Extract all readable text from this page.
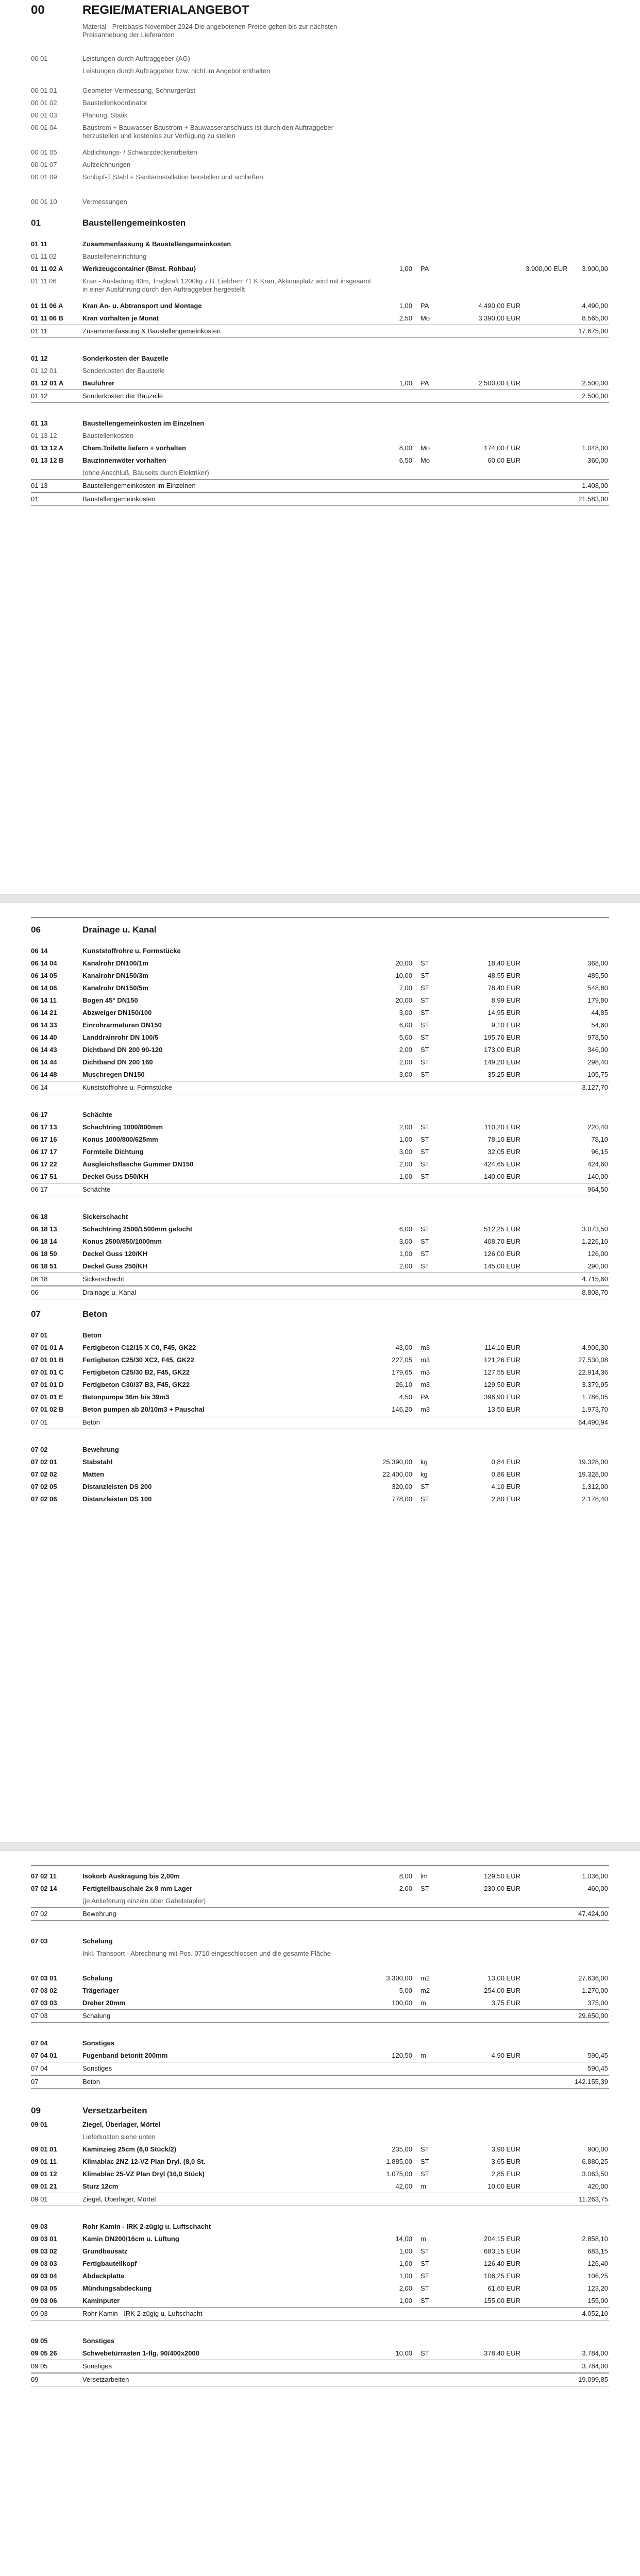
00	REGIE/MATERIALANGEBOT
Material - Preisbasis November 2024 Die angebotenen Preise gelten bis zur nächsten Preisanhebung der Lieferanten
00 01	Leistungen durch Auftraggeber (AG)
Leistungen durch Auftraggeber bzw. nicht im Angebot enthalten
00 01 01	Geometer-Vermessung, Schnurgerüst
00 01 02	Baustellenkoordinator
00 01 03	Planung, Statik
00 01 04	Baustrom + Bauwasser Baustrom + Bauwasseranschluss ist durch den Auftraggeber herzustellen und kostenlos zur Verfügung zu stellen
00 01 05	Abdichtungs- / Schwarzdeckerarbeiten
00 01 07	Aufzeichnungen
00 01 09	Schlüpf-T Stahl + Sanitärinstallation herstellen und schließen
00 01 10	Vermessungen
01	Baustellengemeinkosten
01 11	Zusammenfassung & Baustellengemeinkosten
01 11 02	Baustelleneinrichtung
01 11 02 A	Werkzeugcontainer (Bmst. Rohbau)	1,00 PA	3.900,00 EUR	3.900,00
01 11 06	Kran - Ausladung 40m, Tragkraft 1200kg z.B. Liebherr 71 K Kran, Aktionsplatz wird mit insgesamt in einer Ausführung durch den Auftraggeber hergestellt
01 11 06 A	Kran An- u. Abtransport und Montage	1,00 PA	4.490,00 EUR	4.490,00
01 11 06 B	Kran vorhalten je Monat	2,50 Mo	3.390,00 EUR	8.565,00
01 11	Zusammenfassung & Baustellengemeinkosten	17.675,00
01 12	Sonderkosten der Bauzeile
01 12 01	Sonderkosten der Baustelle
01 12 01 A	Bauführer	1,00 PA	2.500,00 EUR	2.500,00
01 12	Sonderkosten der Bauzeile	2.500,00
01 13	Baustellengemeinkosten im Einzelnen
01 13 12	Baustellenkosten
01 13 12 A	Chem.Toilette liefern + vorhalten	8,00 Mo	174,00 EUR	1.048,00
01 13 12 B	Bauzinnenwöter vorhalten	6,50 Mo	60,00 EUR	360,00
(ohne Anschluß, Bauseits durch Elektriker)
01 13	Baustellengemeinkosten im Einzelnen	1.408,00
01	Baustellengemeinkosten	21.583,00
06	Drainage u. Kanal
06 14	Kunststoffrohre u. Formstücke
06 14 04	Kanalrohr DN100/1m	20,00 ST	18,40 EUR	368,00
06 14 05	Kanalrohr DN150/3m	10,00 ST	48,55 EUR	485,50
06 14 06	Kanalrohr DN150/5m	7,00 ST	78,40 EUR	548,80
06 14 11	Bogen 45° DN150	20,00 ST	8,99 EUR	179,80
06 14 21	Abzweiger DN150/100	3,00 ST	14,95 EUR	44,85
06 14 33	Einrohrarmaturen DN150	6,00 ST	9,10 EUR	54,60
06 14 40	Landdrainrohr DN 100/5	5,00 ST	195,70 EUR	978,50
06 14 43	Dichtband DN 200 90-120	2,00 ST	173,00 EUR	346,00
06 14 44	Dichtband DN 200 160	2,00 ST	149,20 EUR	298,40
06 14 48	Muschregen DN150	3,00 ST	35,25 EUR	105,75
06 14	Kunststoffrohre u. Formstücke	3.127,70
06 17	Schächte
06 17 13	Schachtring 1000/800mm	2,00 ST	110,20 EUR	220,40
06 17 16	Konus 1000/800/625mm	1,00 ST	78,10 EUR	78,10
06 17 17	Formteile Dichtung	3,00 ST	32,05 EUR	96,15
06 17 22	Ausgleichsflasche Gummer DN150	2,00 ST	424,65 EUR	424,60
06 17 51	Deckel Guss D50/KH	1,00 ST	140,00 EUR	140,00
06 17	Schächte	964,50
06 18	Sickerschacht
06 18 13	Schachtring 2500/1500mm gelocht	6,00 ST	512,25 EUR	3.073,50
06 18 14	Konus 2500/850/1000mm	3,00 ST	408,70 EUR	1.226,10
06 18 50	Deckel Guss 120/KH	1,00 ST	126,00 EUR	126,00
06 18 51	Deckel Guss 250/KH	2,00 ST	145,00 EUR	290,00
06 18	Sickerschacht	4.715,60
06	Drainage u. Kanal	8.808,70
07	Beton
07 01	Beton
07 01 01 A	Fertigbeton C12/15 X C0, F45, GK22	43,00 m3	114,10 EUR	4.906,30
07 01 01 B	Fertigbeton C25/30 XC2, F45, GK22	227,05 m3	121,26 EUR	27.530,08
07 01 01 C	Fertigbeton C25/30 B2, F45, GK22	179,65 m3	127,55 EUR	22.914,36
07 01 01 D	Fertigbeton C30/37 B3, F45, GK22	26,10 m3	129,50 EUR	3.379,95
07 01 01 E	Betonpumpe 36m bis 39m3	4,50 PA	396,90 EUR	1.786,05
07 01 02 B	Beton pumpen ab 20/10m3 + Pauschal	146,20 m3	13,50 EUR	1.973,70
07 01	Beton	64.490,94
07 02	Bewehrung
07 02 01	Stabstahl	25.390,00 kg	0,84 EUR	19.328,00
07 02 02	Matten	22.400,00 kg	0,86 EUR	19.328,00
07 02 05	Distanzleisten DS 200	320,00 ST	4,10 EUR	1.312,00
07 02 06	Distanzleisten DS 100	778,00 ST	2,80 EUR	2.178,40
07 02 11	Isokorb Auskragung bis 2,00m	8,00 lm	129,50 EUR	1.036,00
07 02 14	Fertigteilbauschale 2x 8 mm Lager	2,00 ST	230,00 EUR	460,00
(je Anlieferung einzeln über Gabelstapler)
07 02	Bewehrung	47.424,00
07 03	Schalung
Inkl. Transport - Abrechnung mit Pos. 0710 eingeschlossen und die gesamte Fläche
07 03 01	Schalung	3.300,00 m2	13,00 EUR	27.636,00
07 03 02	Trägerlager	5,00 m2	254,00 EUR	1.270,00
07 03 03	Dreher 20mm	100,00 m	3,75 EUR	375,00
07 03	Schalung	29.650,00
07 04	Sonstiges
07 04 01	Fugenband betonit 200mm	120,50 m	4,90 EUR	590,45
07 04	Sonstiges	590,45
07	Beton	142.155,39
09	Versetzarbeiten
09 01	Ziegel, Überlager, Mörtel
Lieferkosten siehe unten
09 01 01	Kaminzieg 25cm (8,0 Stück/2)	235,00 ST	3,90 EUR	900,00
09 01 11	Klimablac 2NZ 12-VZ Plan Dryl. (8,0 St.	1.885,00 ST	3,65 EUR	6.880,25
09 01 12	Klimablac 25-VZ Plan Dryl (16,0 Stück)	1.075,00 ST	2,85 EUR	3.063,50
09 01 21	Sturz 12cm	42,00 m	10,00 EUR	420,00
09 01	Ziegel, Überlager, Mörtel	11.263,75
09 03	Rohr Kamin - IRK 2-zügig u. Luftschacht
09 03 01	Kamin DN200/16cm u. Lüftung	14,00 m	204,15 EUR	2.858,10
09 03 02	Grundbausatz	1,00 ST	683,15 EUR	683,15
09 03 03	Fertigbauteilkopf	1,00 ST	126,40 EUR	126,40
09 03 04	Abdeckplatte	1,00 ST	106,25 EUR	106,25
09 03 05	Mündungsabdeckung	2,00 ST	61,60 EUR	123,20
09 03 06	Kaminputer	1,00 ST	155,00 EUR	155,00
09 03	Rohr Kamin - IRK 2-zügig u. Luftschacht	4.052,10
09 05	Sonstiges
09 05 26	Schwebetürrasten 1-flg. 90/400x2000	10,00 ST	378,40 EUR	3.784,00
09 05	Sonstiges	3.784,00
09	Versetzarbeiten	19.099,85
